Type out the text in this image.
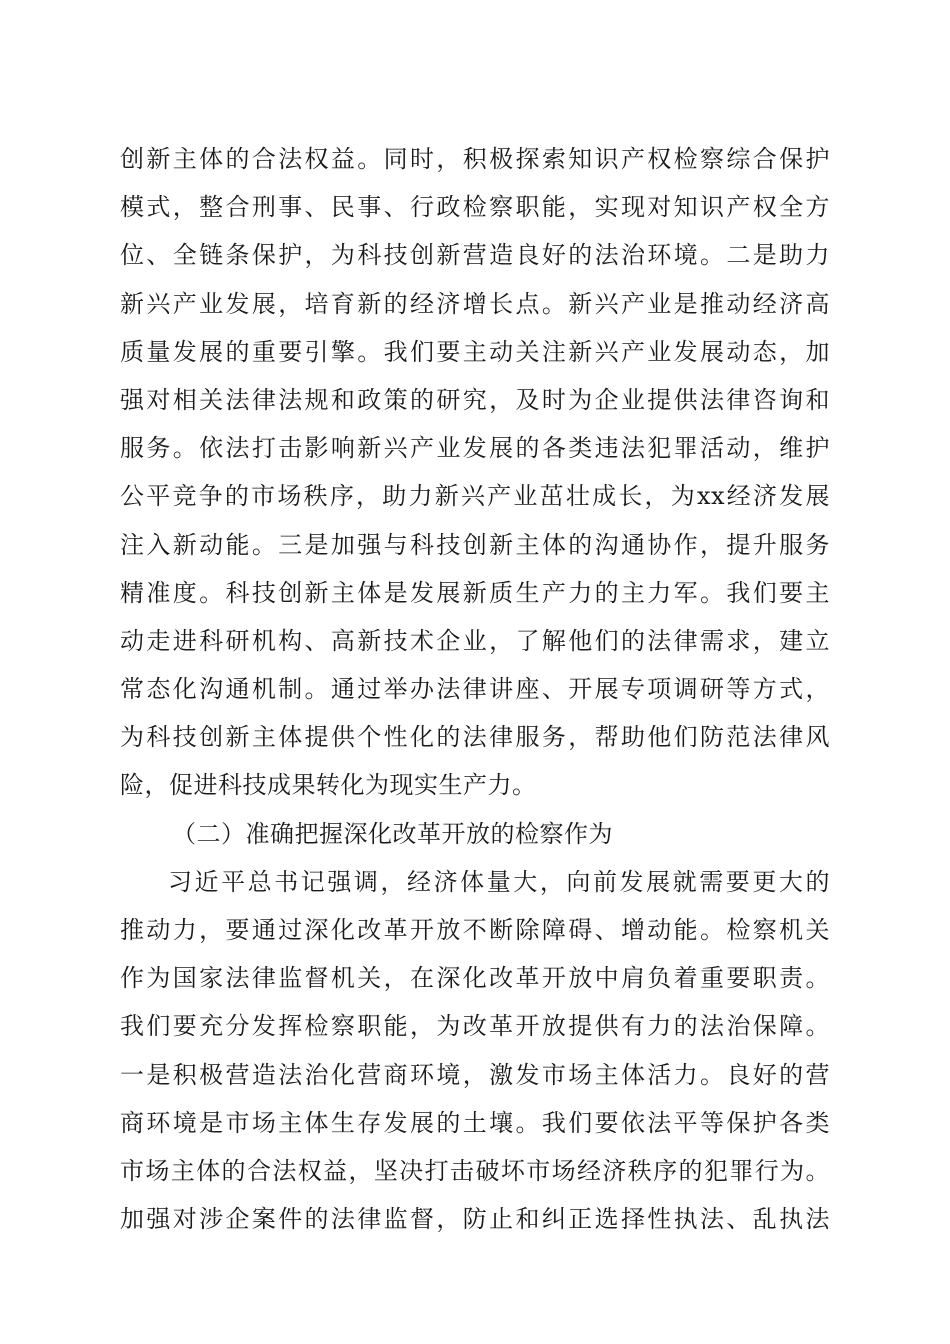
创新主体的合法权益。同时，积极探索知识产权检察综合保护
模式，整合刑事、民事、行政检察职能，实现对知识产权全方
位、全链条保护，为科技创新营造良好的法治环境。二是助力
新兴产业发展，培育新的经济增长点。新兴产业是推动经济高
质量发展的重要引擎。我们要主动关注新兴产业发展动态，加
强对相关法律法规和政策的研究，及时为企业提供法律咨询和
服务。依法打击影响新兴产业发展的各类违法犯罪活动，维护
公平竞争的市场秩序，助力新兴产业茁壮成长，为xx经济发展
注入新动能。三是加强与科技创新主体的沟通协作，提升服务
精准度。科技创新主体是发展新质生产力的主力军。我们要主
动走进科研机构、高新技术企业，了解他们的法律需求，建立
常态化沟通机制。通过举办法律讲座、开展专项调研等方式，
为科技创新主体提供个性化的法律服务，帮助他们防范法律风
险，促进科技成果转化为现实生产力。
（二）准确把握深化改革开放的检察作为
习近平总书记强调，经济体量大，向前发展就需要更大的
推动力，要通过深化改革开放不断除障碍、增动能。检察机关
作为国家法律监督机关，在深化改革开放中肩负着重要职责。
我们要充分发挥检察职能，为改革开放提供有力的法治保障。
一是积极营造法治化营商环境，激发市场主体活力。良好的营
商环境是市场主体生存发展的土壤。我们要依法平等保护各类
市场主体的合法权益，坚决打击破坏市场经济秩序的犯罪行为。
加强对涉企案件的法律监督，防止和纠正选择性执法、乱执法
